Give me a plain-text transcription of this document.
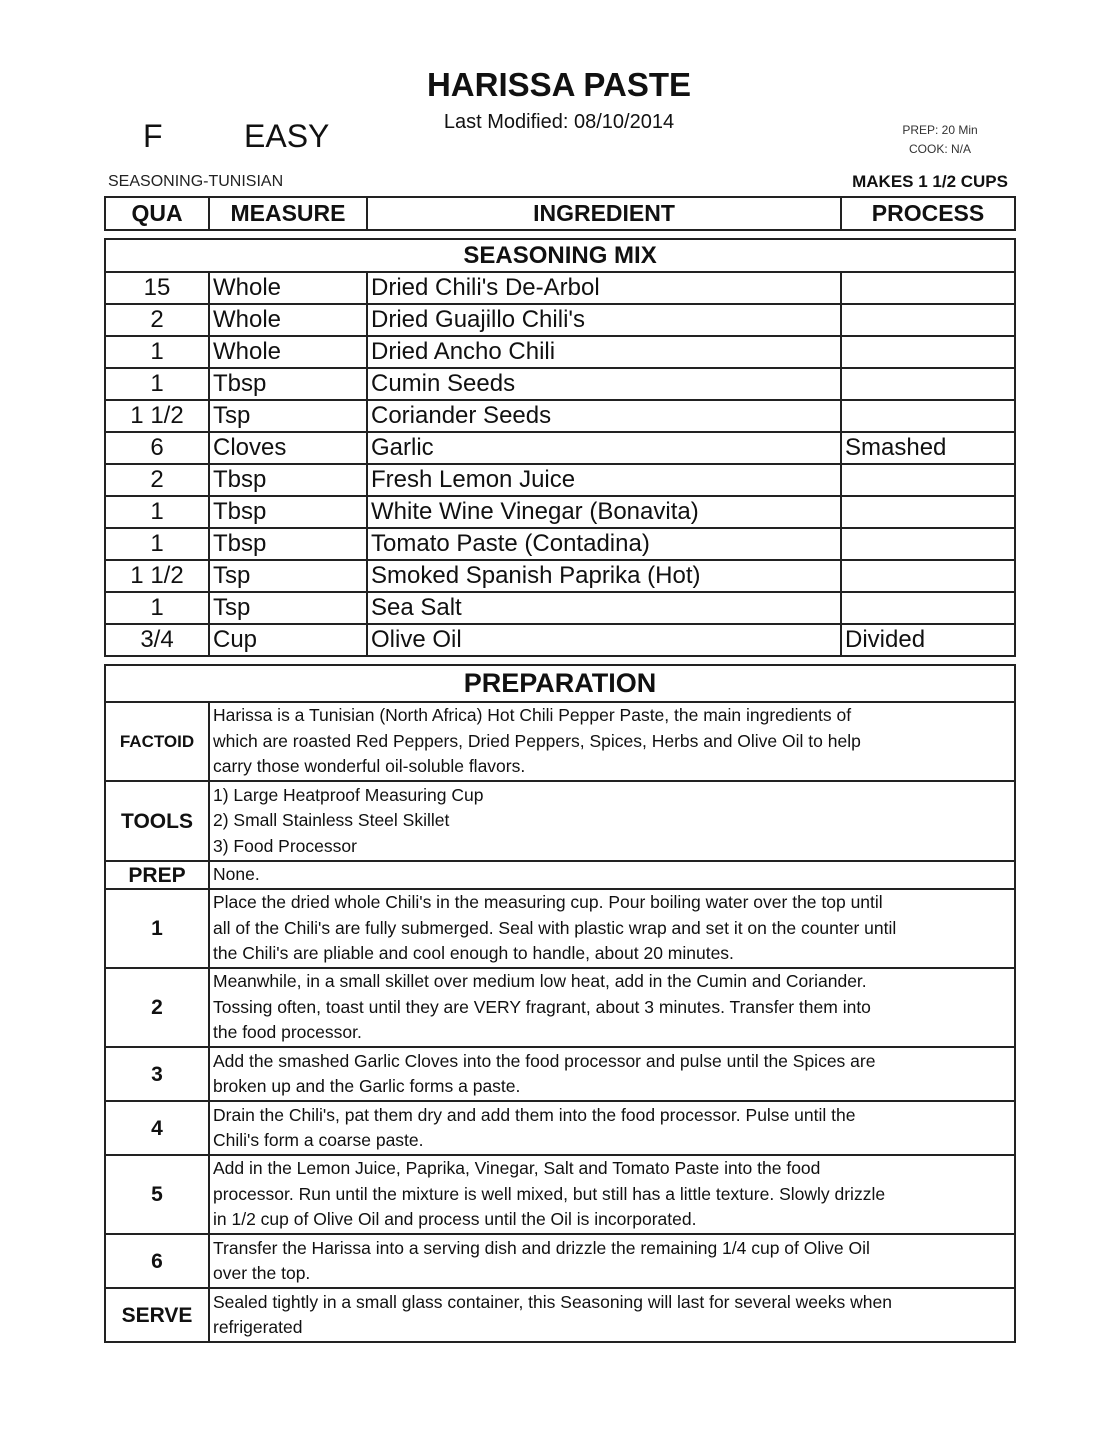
HARISSA PASTE
Last Modified: 08/10/2014
F	EASY	PREP: 20 Min
COOK: N/A
SEASONING-TUNISIAN	MAKES 1 1/2 CUPS
QUA	MEASURE	INGREDIENT	PROCESS
SEASONING MIX			
15	Whole	Dried Chili's De-Arbol	
2	Whole	Dried Guajillo Chili's	
1	Whole	Dried Ancho Chili	
1	Tbsp	Cumin Seeds	
1 1/2	Tsp	Coriander Seeds	
6	Cloves	Garlic	Smashed
2	Tbsp	Fresh Lemon Juice	
1	Tbsp	White Wine Vinegar (Bonavita)	
1	Tbsp	Tomato Paste (Contadina)	
1 1/2	Tsp	Smoked Spanish Paprika (Hot)	
1	Tsp	Sea Salt	
3/4	Cup	Olive Oil	Divided
PREPARATION	
FACTOID	Harissa is a Tunisian (North Africa) Hot Chili Pepper Paste, the main ingredients of
which are roasted Red Peppers, Dried Peppers, Spices, Herbs and Olive Oil to help
carry those wonderful oil-soluble flavors.

TOOLS	1) Large Heatproof Measuring Cup
2) Small Stainless Steel Skillet
3) Food Processor

PREP	None.

1	Place the dried whole Chili's in the measuring cup. Pour boiling water over the top until
all of the Chili's are fully submerged. Seal with plastic wrap and set it on the counter until
the Chili's are pliable and cool enough to handle, about 20 minutes.

2	Meanwhile, in a small skillet over medium low heat, add in the Cumin and Coriander.
Tossing often, toast until they are VERY fragrant, about 3 minutes. Transfer them into
the food processor.

3	Add the smashed Garlic Cloves into the food processor and pulse until the Spices are
broken up and the Garlic forms a paste.

4	Drain the Chili's, pat them dry and add them into the food processor. Pulse until the
Chili's form a coarse paste.

5	Add in the Lemon Juice, Paprika, Vinegar, Salt and Tomato Paste into the food
processor. Run until the mixture is well mixed, but still has a little texture. Slowly drizzle
in 1/2 cup of Olive Oil and process until the Oil is incorporated.

6	Transfer the Harissa into a serving dish and drizzle the remaining 1/4 cup of Olive Oil
over the top.

SERVE	Sealed tightly in a small glass container, this Seasoning will last for several weeks when
refrigerated
